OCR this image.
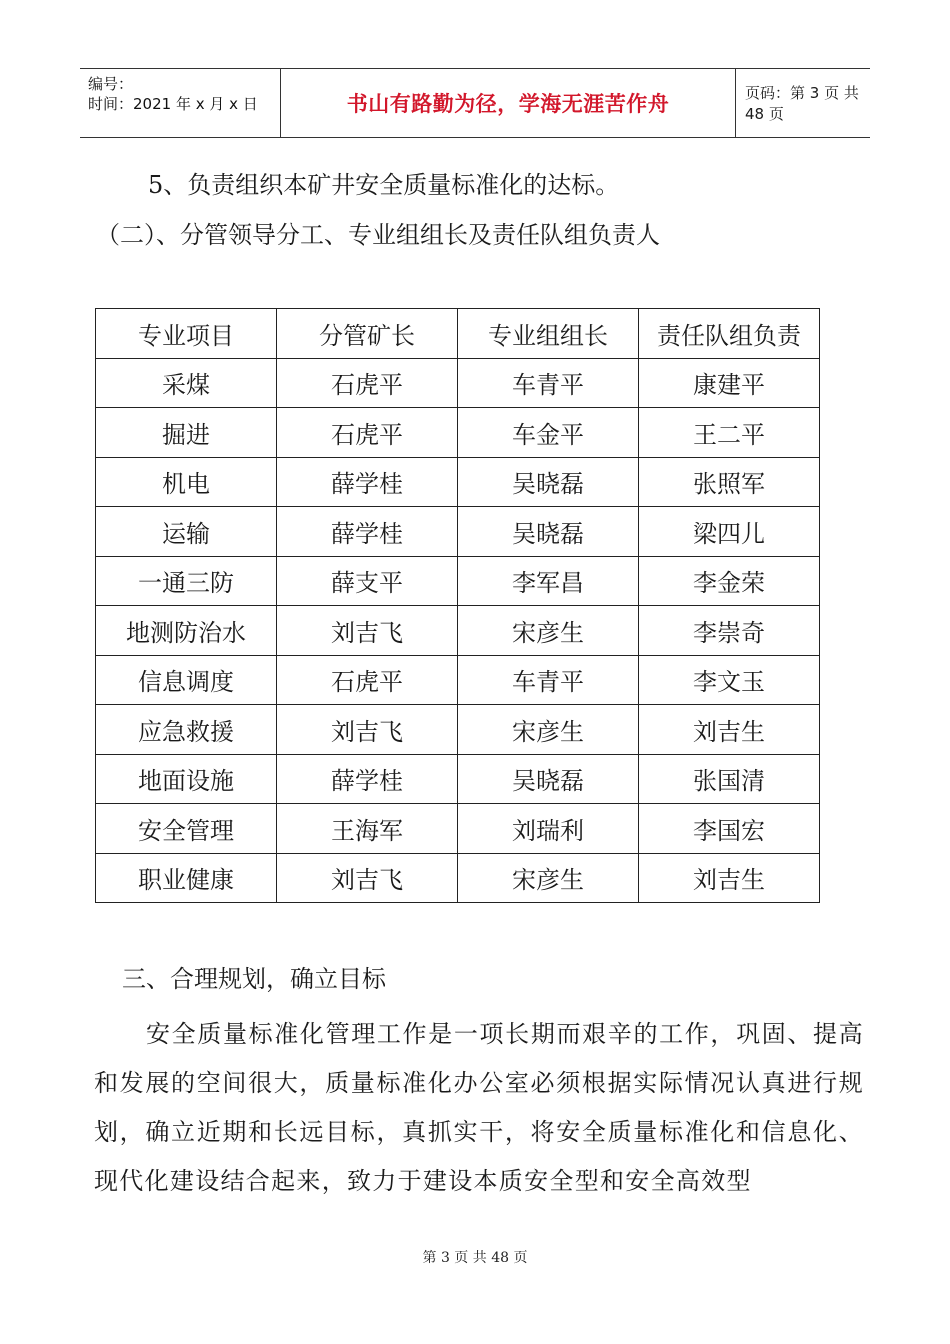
编号：
时间：2021 年 x 月 x 日	书山有路勤为径，学海无涯苦作舟	页码：第 3 页 共 48 页
5、负责组织本矿井安全质量标准化的达标。
（二）、分管领导分工、专业组组长及责任队组负责人
专业项目	分管矿长	专业组组长	责任队组负责
采煤	石虎平	车青平	康建平
掘进	石虎平	车金平	王二平
机电	薛学桂	吴晓磊	张照军
运输	薛学桂	吴晓磊	梁四儿
一通三防	薛支平	李军昌	李金荣
地测防治水	刘吉飞	宋彦生	李崇奇
信息调度	石虎平	车青平	李文玉
应急救援	刘吉飞	宋彦生	刘吉生
地面设施	薛学桂	吴晓磊	张国清
安全管理	王海军	刘瑞利	李国宏
职业健康	刘吉飞	宋彦生	刘吉生
三、合理规划，确立目标
安全质量标准化管理工作是一项长期而艰辛的工作，巩固、提高和发展的空间很大，质量标准化办公室必须根据实际情况认真进行规划，确立近期和长远目标，真抓实干，将安全质量标准化和信息化、现代化建设结合起来，致力于建设本质安全型和安全高效型
第 3 页 共 48 页
